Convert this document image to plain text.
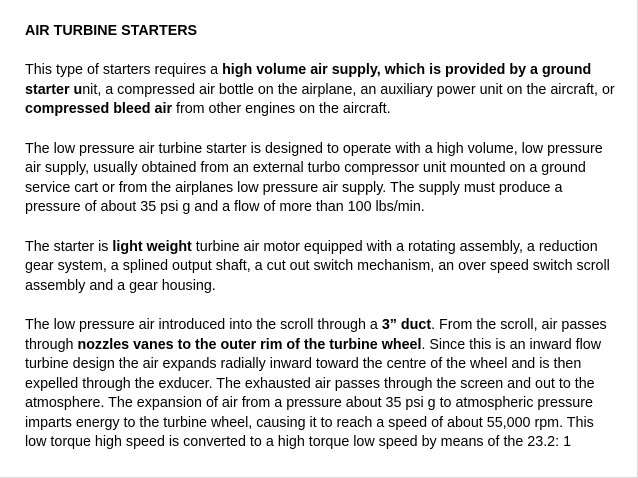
AIR TURBINE STARTERS

This type of starters requires a high volume air supply, which is provided by a ground starter unit, a compressed air bottle on the airplane, an auxiliary power unit on the aircraft, or compressed bleed air from other engines on the aircraft.

The low pressure air turbine starter is designed to operate with a high volume, low pressure air supply, usually obtained from an external turbo compressor unit mounted on a ground service cart or from the airplanes low pressure air supply. The supply must produce a pressure of about 35 psi g and a flow of more than 100 lbs/min.

The starter is light weight turbine air motor equipped with a rotating assembly, a reduction gear system, a splined output shaft, a cut out switch mechanism, an over speed switch scroll assembly and a gear housing.

The low pressure air introduced into the scroll through a 3” duct. From the scroll, air passes through nozzles vanes to the outer rim of the turbine wheel. Since this is an inward flow turbine design the air expands radially inward toward the centre of the wheel and is then expelled through the exducer. The exhausted air passes through the screen and out to the atmosphere. The expansion of air from a pressure about 35 psi g to atmospheric pressure imparts energy to the turbine wheel, causing it to reach a speed of about 55,000 rpm. This low torque high speed is converted to a high torque low speed by means of the 23.2: 1
